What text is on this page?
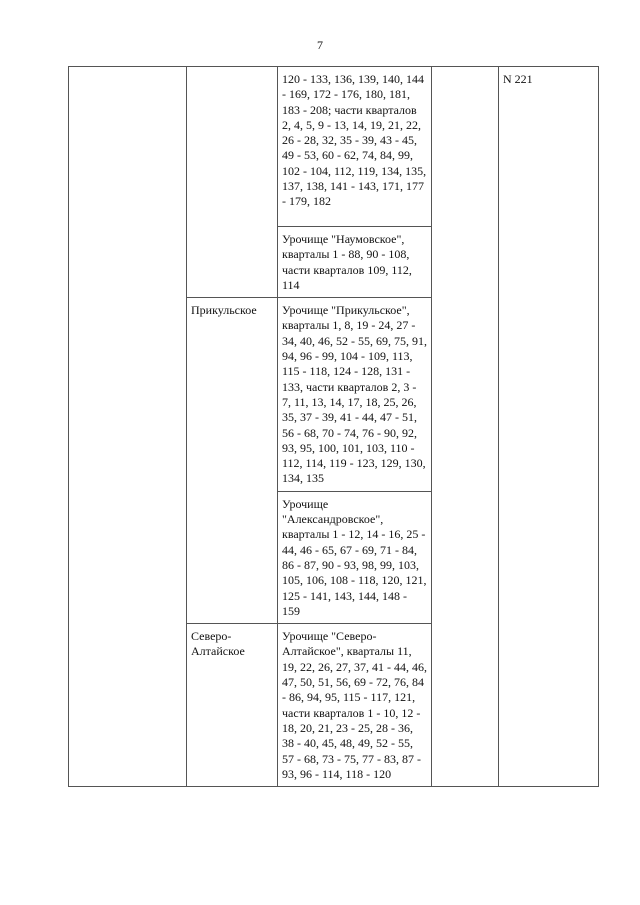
7
		120 - 133, 136, 139, 140, 144 - 169, 172 - 176, 180, 181, 183 - 208; части кварталов 2, 4, 5, 9 - 13, 14, 19, 21, 22, 26 - 28, 32, 35 - 39, 43 - 45, 49 - 53, 60 - 62, 74, 84, 99, 102 - 104, 112, 119, 134, 135, 137, 138, 141 - 143, 171, 177 - 179, 182		N 221
		Урочище "Наумовское", кварталы 1 - 88, 90 - 108, части кварталов 109, 112, 114		
	Прикульское	Урочище "Прикульское", кварталы 1, 8, 19 - 24, 27 - 34, 40, 46, 52 - 55, 69, 75, 91, 94, 96 - 99, 104 - 109, 113, 115 - 118, 124 - 128, 131 - 133, части кварталов 2, 3 - 7, 11, 13, 14, 17, 18, 25, 26, 35, 37 - 39, 41 - 44, 47 - 51, 56 - 68, 70 - 74, 76 - 90, 92, 93, 95, 100, 101, 103, 110 - 112, 114, 119 - 123, 129, 130, 134, 135		
		Урочище "Александровское", кварталы 1 - 12, 14 - 16, 25 - 44, 46 - 65, 67 - 69, 71 - 84, 86 - 87, 90 - 93, 98, 99, 103, 105, 106, 108 - 118, 120, 121, 125 - 141, 143, 144, 148 - 159		
	Северо-Алтайское	Урочище "Северо-Алтайское", кварталы 11, 19, 22, 26, 27, 37, 41 - 44, 46, 47, 50, 51, 56, 69 - 72, 76, 84 - 86, 94, 95, 115 - 117, 121, части кварталов 1 - 10, 12 - 18, 20, 21, 23 - 25, 28 - 36, 38 - 40, 45, 48, 49, 52 - 55, 57 - 68, 73 - 75, 77 - 83, 87 - 93, 96 - 114, 118 - 120		
